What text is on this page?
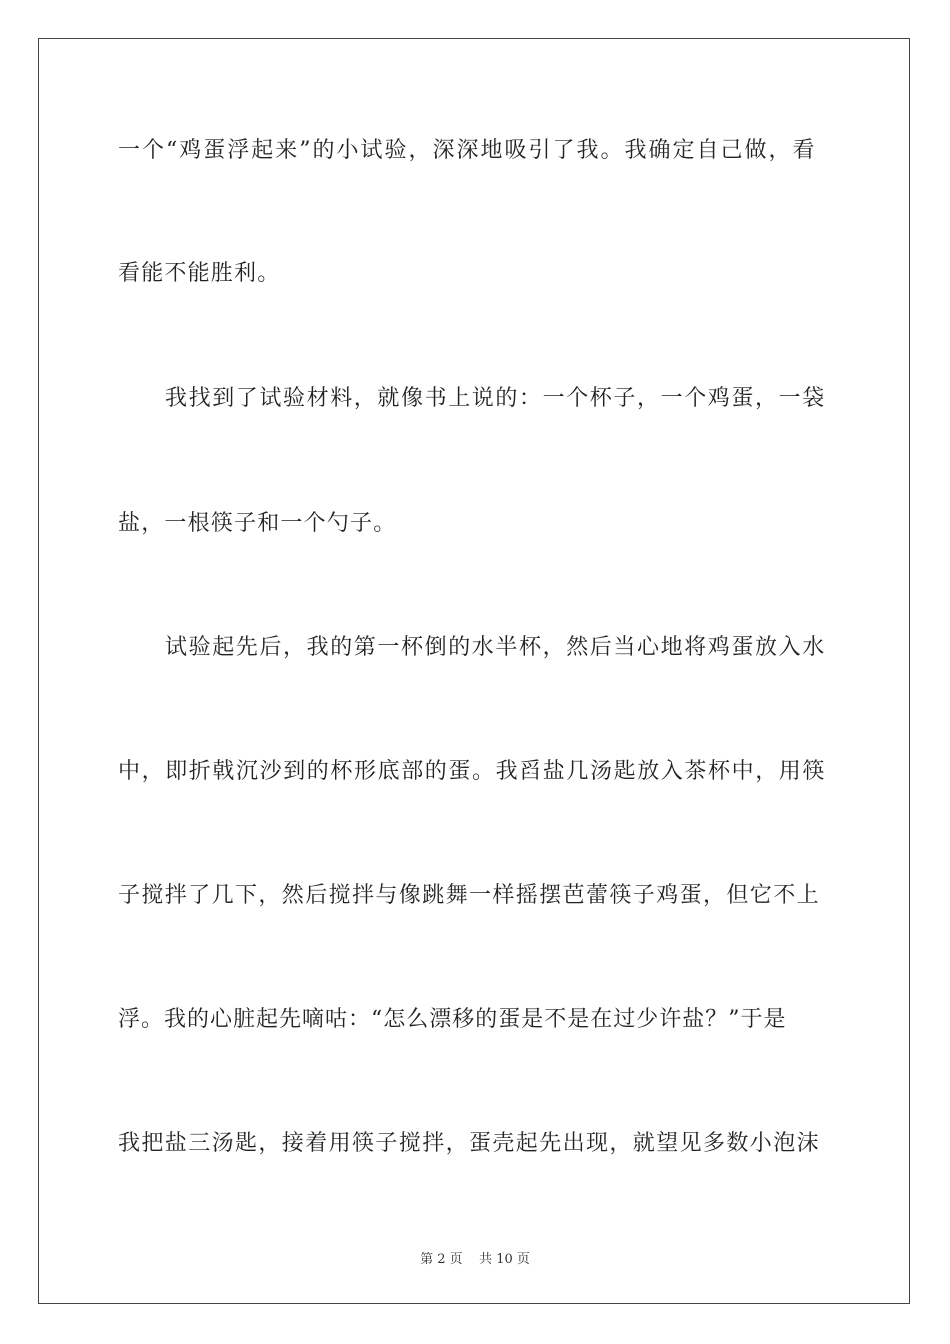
一个“鸡蛋浮起来”的小试验，深深地吸引了我。我确定自己做，看
看能不能胜利。
我找到了试验材料，就像书上说的：一个杯子，一个鸡蛋，一袋
盐，一根筷子和一个勺子。
试验起先后，我的第一杯倒的水半杯，然后当心地将鸡蛋放入水
中，即折戟沉沙到的杯形底部的蛋。我舀盐几汤匙放入茶杯中，用筷
子搅拌了几下，然后搅拌与像跳舞一样摇摆芭蕾筷子鸡蛋，但它不上
浮。我的心脏起先嘀咕：“怎么漂移的蛋是不是在过少许盐？”于是
我把盐三汤匙，接着用筷子搅拌，蛋壳起先出现，就望见多数小泡沫
第 2 页    共 10 页
